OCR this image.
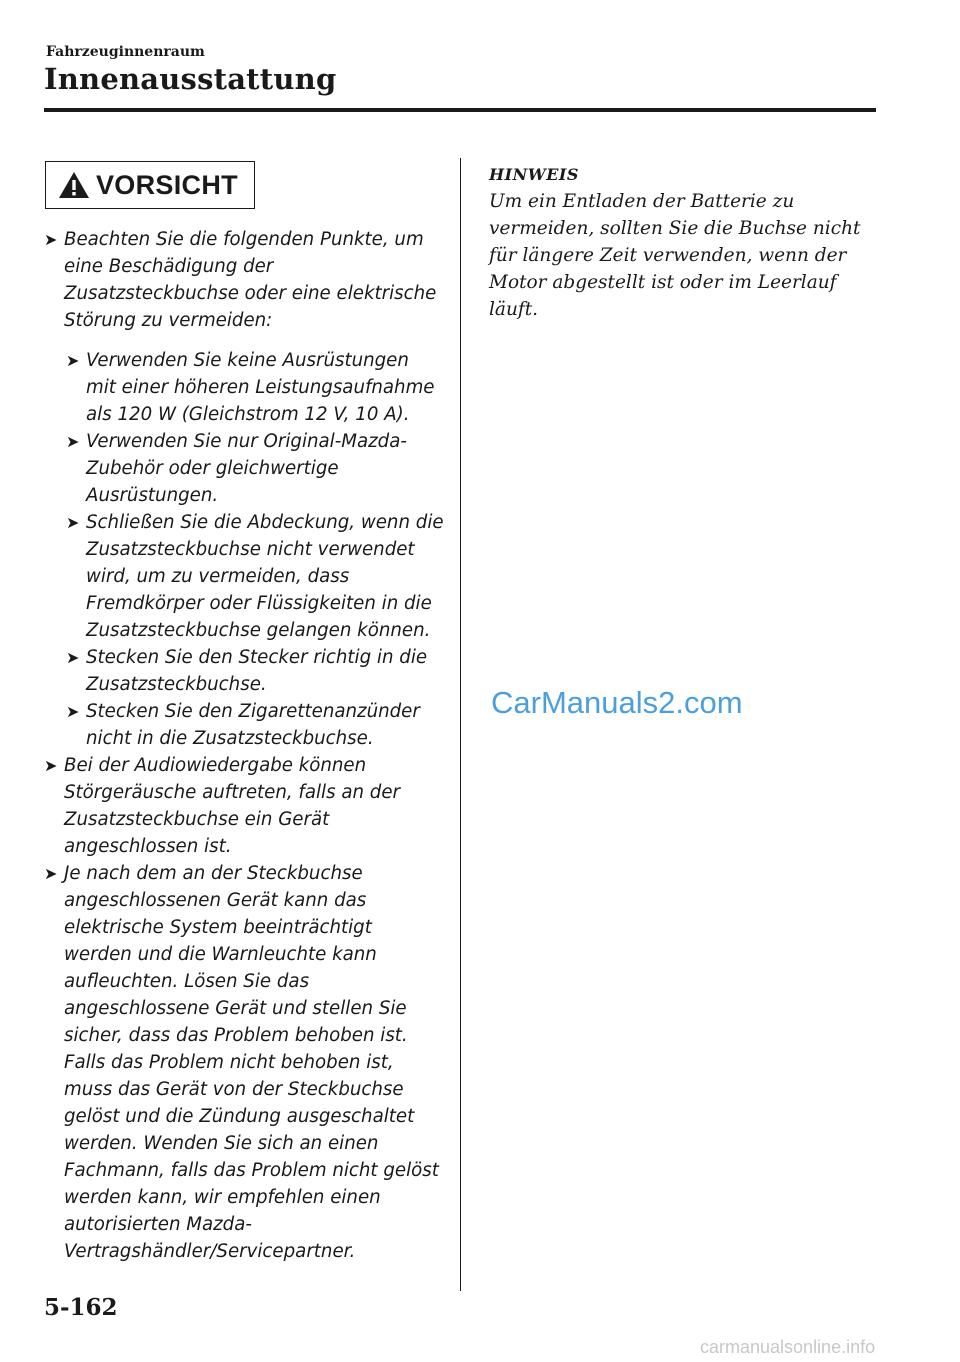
Fahrzeuginnenraum
Innenausstattung
VORSICHT
➤ Beachten Sie die folgenden Punkte, um eine Beschädigung der Zusatzsteckbuchse oder eine elektrische Störung zu vermeiden:
➤ Verwenden Sie keine Ausrüstungen mit einer höheren Leistungsaufnahme als 120 W (Gleichstrom 12 V, 10 A).
➤ Verwenden Sie nur Original-Mazda-Zubehör oder gleichwertige Ausrüstungen.
➤ Schließen Sie die Abdeckung, wenn die Zusatzsteckbuchse nicht verwendet wird, um zu vermeiden, dass Fremdkörper oder Flüssigkeiten in die Zusatzsteckbuchse gelangen können.
➤ Stecken Sie den Stecker richtig in die Zusatzsteckbuchse.
➤ Stecken Sie den Zigarettenanzünder nicht in die Zusatzsteckbuchse.
➤ Bei der Audiowiedergabe können Störgeräusche auftreten, falls an der Zusatzsteckbuchse ein Gerät angeschlossen ist.
➤ Je nach dem an der Steckbuchse angeschlossenen Gerät kann das elektrische System beeinträchtigt werden und die Warnleuchte kann aufleuchten. Lösen Sie das angeschlossene Gerät und stellen Sie sicher, dass das Problem behoben ist. Falls das Problem nicht behoben ist, muss das Gerät von der Steckbuchse gelöst und die Zündung ausgeschaltet werden. Wenden Sie sich an einen Fachmann, falls das Problem nicht gelöst werden kann, wir empfehlen einen autorisierten Mazda-Vertragshändler/Servicepartner.
HINWEIS
Um ein Entladen der Batterie zu vermeiden, sollten Sie die Buchse nicht für längere Zeit verwenden, wenn der Motor abgestellt ist oder im Leerlauf läuft.
CarManuals2.com
5-162
carmanualsonline.info
